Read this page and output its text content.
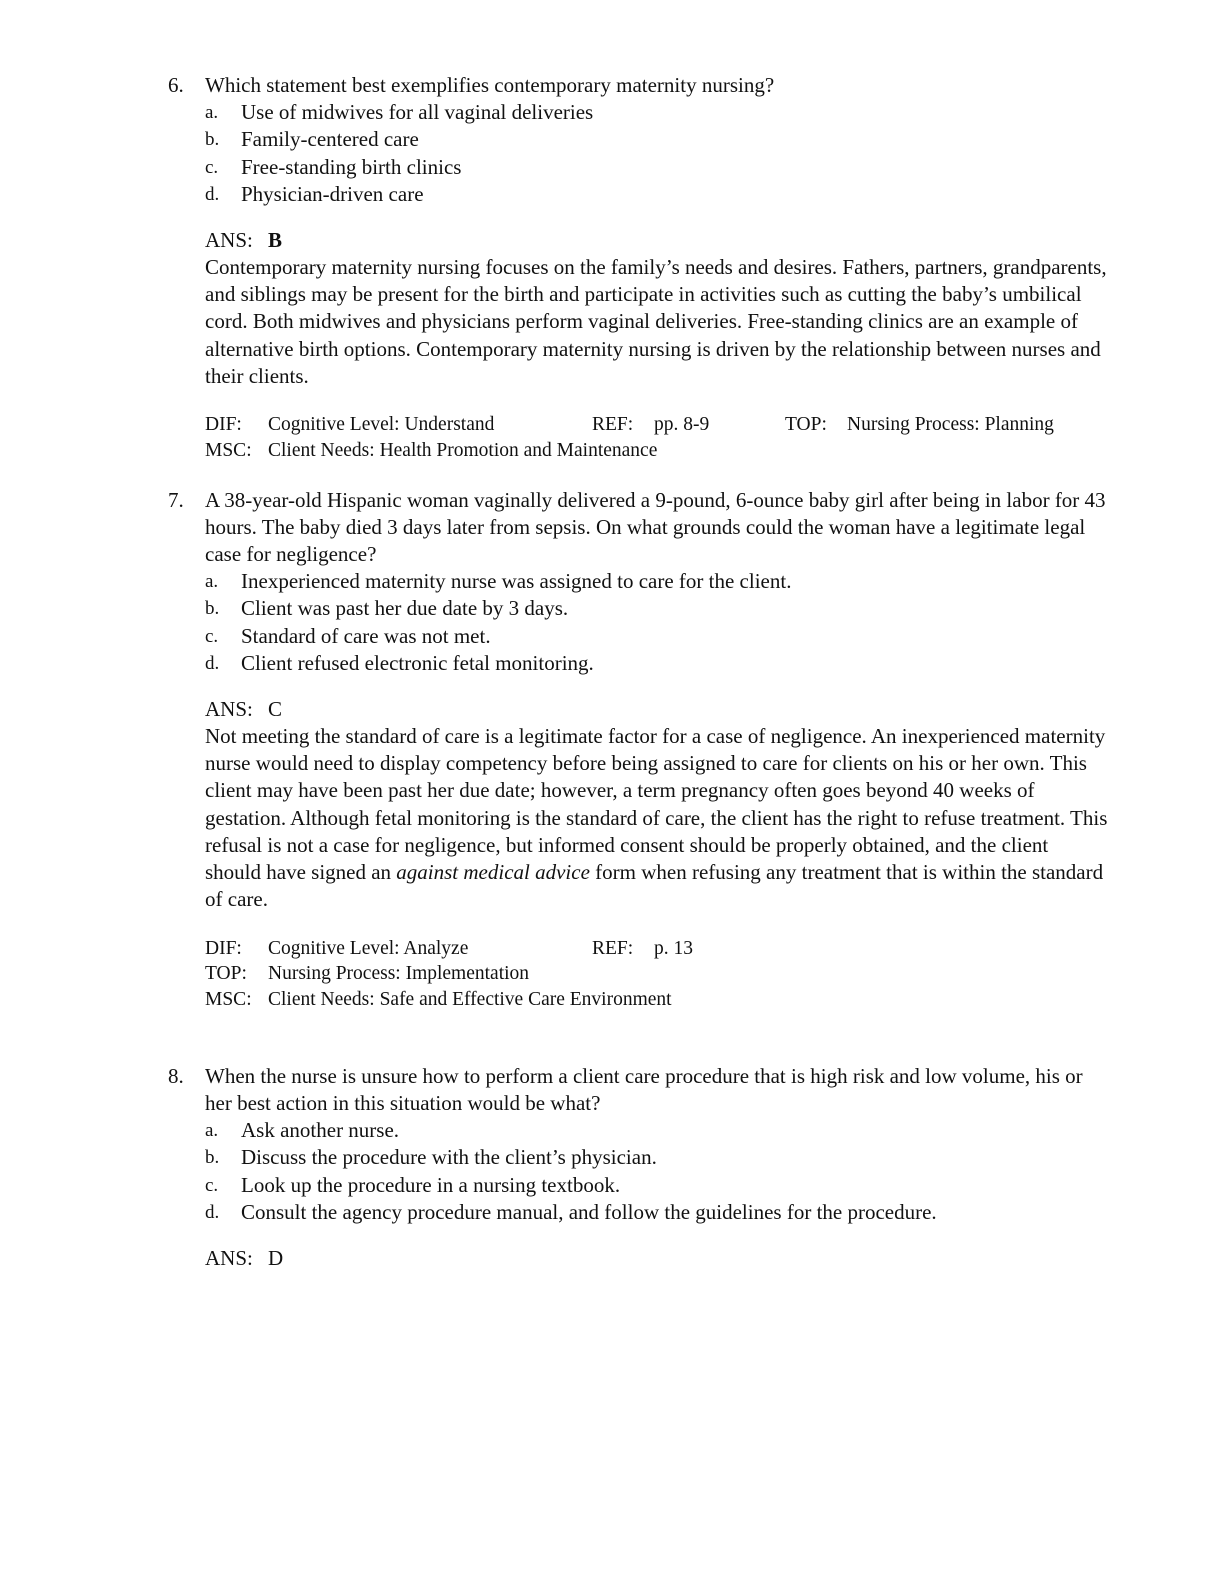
6.	Which statement best exemplifies contemporary maternity nursing?
a.	Use of midwives for all vaginal deliveries
b.	Family-centered care
c.	Free-standing birth clinics
d.	Physician-driven care
ANS: B

Contemporary maternity nursing focuses on the family’s needs and desires. Fathers, partners, grandparents, and siblings may be present for the birth and participate in activities such as cutting the baby’s umbilical cord. Both midwives and physicians perform vaginal deliveries. Free-standing clinics are an example of alternative birth options. Contemporary maternity nursing is driven by the relationship between nurses and their clients.

DIF:	Cognitive Level: Understand	REF:	pp. 8-9	TOP:	Nursing Process: Planning
MSC: Client Needs: Health Promotion and Maintenance
7.	A 38-year-old Hispanic woman vaginally delivered a 9-pound, 6-ounce baby girl after being in labor for 43 hours. The baby died 3 days later from sepsis. On what grounds could the woman have a legitimate legal case for negligence?
a.	Inexperienced maternity nurse was assigned to care for the client.
b.	Client was past her due date by 3 days.
c.	Standard of care was not met.
d.	Client refused electronic fetal monitoring.
ANS: C

Not meeting the standard of care is a legitimate factor for a case of negligence. An inexperienced maternity nurse would need to display competency before being assigned to care for clients on his or her own. This client may have been past her due date; however, a term pregnancy often goes beyond 40 weeks of gestation. Although fetal monitoring is the standard of care, the client has the right to refuse treatment. This refusal is not a case for negligence, but informed consent should be properly obtained, and the client should have signed an against medical advice form when refusing any treatment that is within the standard of care.

DIF:	Cognitive Level: Analyze	REF:	p. 13
TOP:	Nursing Process: Implementation
MSC: Client Needs: Safe and Effective Care Environment
8.	When the nurse is unsure how to perform a client care procedure that is high risk and low volume, his or her best action in this situation would be what?
a.	Ask another nurse.
b.	Discuss the procedure with the client’s physician.
c.	Look up the procedure in a nursing textbook.
d.	Consult the agency procedure manual, and follow the guidelines for the procedure.
ANS: D
